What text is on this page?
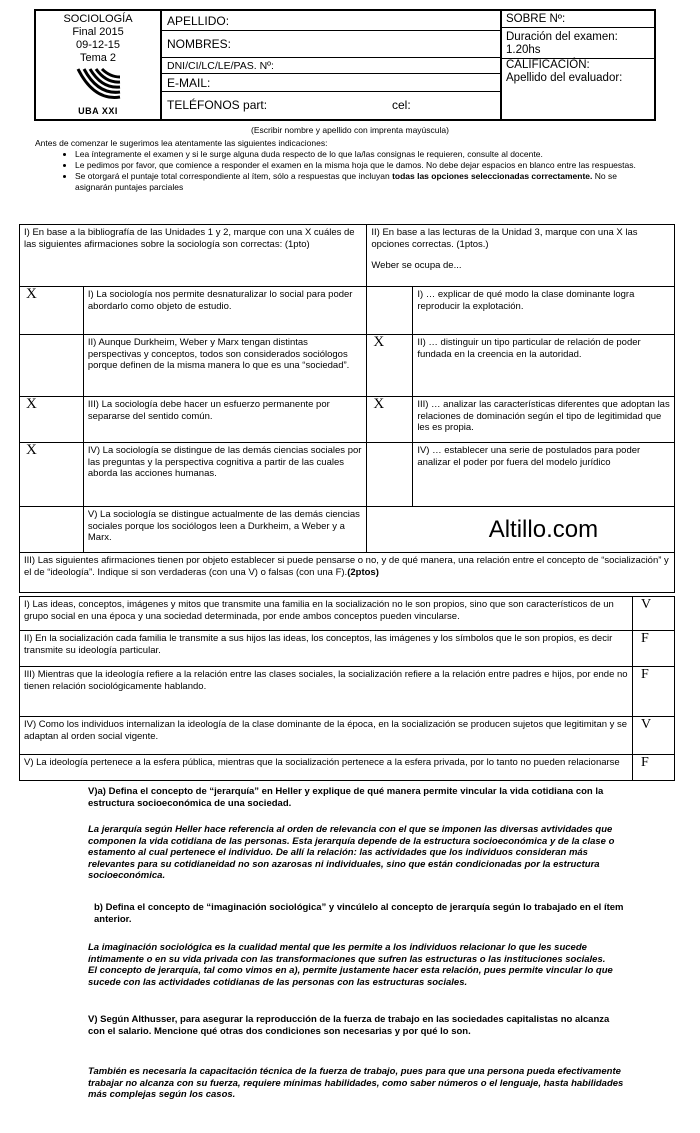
SOCIOLOGÍA
Final 2015
09-12-15
Tema 2
UBA XXI
APELLIDO:
NOMBRES:
DNI/CI/LC/LE/PAS. Nº:
E-MAIL:
TELÉFONOS part:	cel:
SOBRE Nº:
Duración del examen: 1.20hs
CALIFICACIÓN:
Apellido del evaluador:
(Escribir nombre y apellido con imprenta mayúscula)
Antes de comenzar le sugerimos lea atentamente las siguientes indicaciones:
• Lea íntegramente el examen y si le surge alguna duda respecto de lo que la/las consignas le requieren, consulte al docente.
• Le pedimos por favor, que comience a responder el examen en la misma hoja que le damos. No debe dejar espacios en blanco entre las respuestas.
• Se otorgará el puntaje total correspondiente al ítem, sólo a respuestas que incluyan todas las opciones seleccionadas correctamente. No se asignarán puntajes parciales
I) En base a la bibliografía de las Unidades 1 y 2, marque con una X cuáles de las siguientes afirmaciones sobre la sociología son correctas: (1pto)		II) En base a las lecturas de la Unidad 3, marque con una X las opciones correctas. (1ptos.)
Weber se ocupa de...	

X	I) La sociología nos permite desnaturalizar lo social para poder abordarlo como objeto de estudio.		I) … explicar de qué modo la clase dominante logra reproducir la explotación.
	II) Aunque Durkheim, Weber y Marx tengan distintas perspectivas y conceptos, todos son considerados sociólogos porque definen de la misma manera lo que es una “sociedad”.	X	II) … distinguir un tipo particular de relación de poder fundada en la creencia en la autoridad.
X	III) La sociología debe hacer un esfuerzo permanente por separarse del sentido común.	X	III) … analizar las características diferentes que adoptan las relaciones de dominación según el tipo de legitimidad que les es propia.
X	IV) La sociología se distingue de las demás ciencias sociales por las preguntas y la perspectiva cognitiva a partir de las cuales aborda las acciones humanas.		IV) … establecer una serie de postulados para poder analizar el poder por fuera del modelo jurídico
	V) La sociología se distingue actualmente de las demás ciencias sociales porque los sociólogos leen a Durkheim, a Weber y a Marx.		Altillo.com
III) Las siguientes afirmaciones tienen por objeto establecer si puede pensarse o no, y de qué manera, una relación entre el concepto de “socialización” y el de “ideología”. Indique si son verdaderas (con una V) o falsas (con una F).(2ptos)			
I) Las ideas, conceptos, imágenes y mitos que transmite una familia en la socialización no le son propios, sino que son característicos de un grupo social en una época y una sociedad determinada, por ende ambos conceptos pueden vincularse.	V
II) En la socialización cada familia le transmite a sus hijos las ideas, los conceptos, las imágenes y los símbolos que le son propios, es decir transmite su ideología particular.	F
III) Mientras que la ideología refiere a la relación entre las clases sociales, la socialización refiere a la relación entre padres e hijos, por ende no tienen relación sociológicamente hablando.	F
IV) Como los individuos internalizan la ideología de la clase dominante de la época, en la socialización se producen sujetos que legitimitan y se adaptan al orden social vigente.	V
V) La ideología pertenece a la esfera pública, mientras que la socialización pertenece a la esfera privada, por lo tanto no pueden relacionarse	F
V)a) Defina el concepto de “jerarquía” en Heller y explique de qué manera permite vincular la vida cotidiana con la estructura socioeconómica de una sociedad.
La jerarquía según Heller hace referencia al orden de relevancia con el que se imponen las diversas avtividades que componen la vida cotidiana de las personas. Esta jerarquía depende de la estructura socioeconómica y de la clase o estamento al cual pertenece el individuo. De allí la relación: las actividades que los individuos consideran más relevantes para su cotidianeidad no son azarosas ni individuales, sino que están condicionadas por la estructura socioeconómica.
b) Defina el concepto de “imaginación sociológica” y vincúlelo al concepto de jerarquía según lo trabajado en el ítem anterior.
La imaginación sociológica es la cualidad mental que les permite a los individuos relacionar lo que les sucede íntimamente o en su vida privada con las transformaciones que sufren las estructuras o las instituciones sociales.
El concepto de jerarquía, tal como vimos en a), permite justamente hacer esta relación, pues permite vincular lo que sucede con las actividades cotidianas de las personas con las estructuras sociales.
V) Según Althusser, para asegurar la reproducción de la fuerza de trabajo en las sociedades capitalistas no alcanza con el salario. Mencione qué otras dos condiciones son necesarias y por qué lo son.
También es necesaria la capacitación técnica de la fuerza de trabajo, pues para que una persona pueda efectivamente trabajar no alcanza con su fuerza, requiere mínimas habilidades, como saber números o el lenguaje, hasta habilidades más complejas según los casos.
